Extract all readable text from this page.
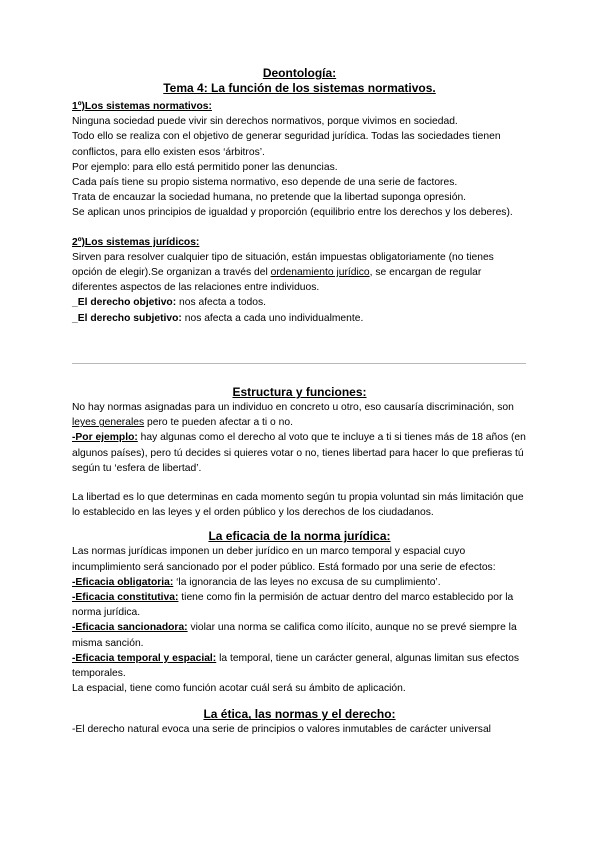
Deontología:
Tema 4: La función de los sistemas normativos.
1º)Los sistemas normativos:

Ninguna sociedad puede vivir sin derechos normativos, porque vivimos en sociedad.

Todo ello se realiza con el objetivo de generar seguridad jurídica. Todas las sociedades tienen conflictos, para ello existen esos ‘árbitros’.

Por ejemplo: para ello está permitido poner las denuncias.

Cada país tiene su propio sistema normativo, eso depende de una serie de factores.

Trata de encauzar la sociedad humana, no pretende que la libertad suponga opresión.

Se aplican unos principios de igualdad y proporción (equilibrio entre los derechos y los deberes).

2º)Los sistemas jurídicos:

Sirven para resolver cualquier tipo de situación, están impuestas obligatoriamente (no tienes opción de elegir).Se organizan a través del ordenamiento jurídico, se encargan de regular diferentes aspectos de las relaciones entre individuos.

_El derecho objetivo: nos afecta a todos.

_El derecho subjetivo: nos afecta a cada uno individualmente.

Estructura y funciones:

No hay normas asignadas para un individuo en concreto u otro, eso causaría discriminación, son leyes generales pero te pueden afectar a ti o no.

-Por ejemplo: hay algunas como el derecho al voto que te incluye a ti si tienes más de 18 años (en algunos países), pero tú decides si quieres votar o no, tienes libertad para hacer lo que prefieras tú según tu ‘esfera de libertad’.

La libertad es lo que determinas en cada momento según tu propia voluntad sin más limitación que lo establecido en las leyes y el orden público y los derechos de los ciudadanos.

La eficacia de la norma jurídica:

Las normas jurídicas imponen un deber jurídico en un marco temporal y espacial cuyo incumplimiento será sancionado por el poder público. Está formado por una serie de efectos:

-Eficacia obligatoria: ‘la ignorancia de las leyes no excusa de su cumplimiento’.

-Eficacia constitutiva: tiene como fin la permisión de actuar dentro del marco establecido por la norma jurídica.

-Eficacia sancionadora: violar una norma se califica como ilícito, aunque no se prevé siempre la misma sanción.

-Eficacia temporal y espacial: la temporal, tiene un carácter general, algunas limitan sus efectos temporales.

La espacial, tiene como función acotar cuál será su ámbito de aplicación.

La ética, las normas y el derecho:

-El derecho natural evoca una serie de principios o valores inmutables de carácter universal
